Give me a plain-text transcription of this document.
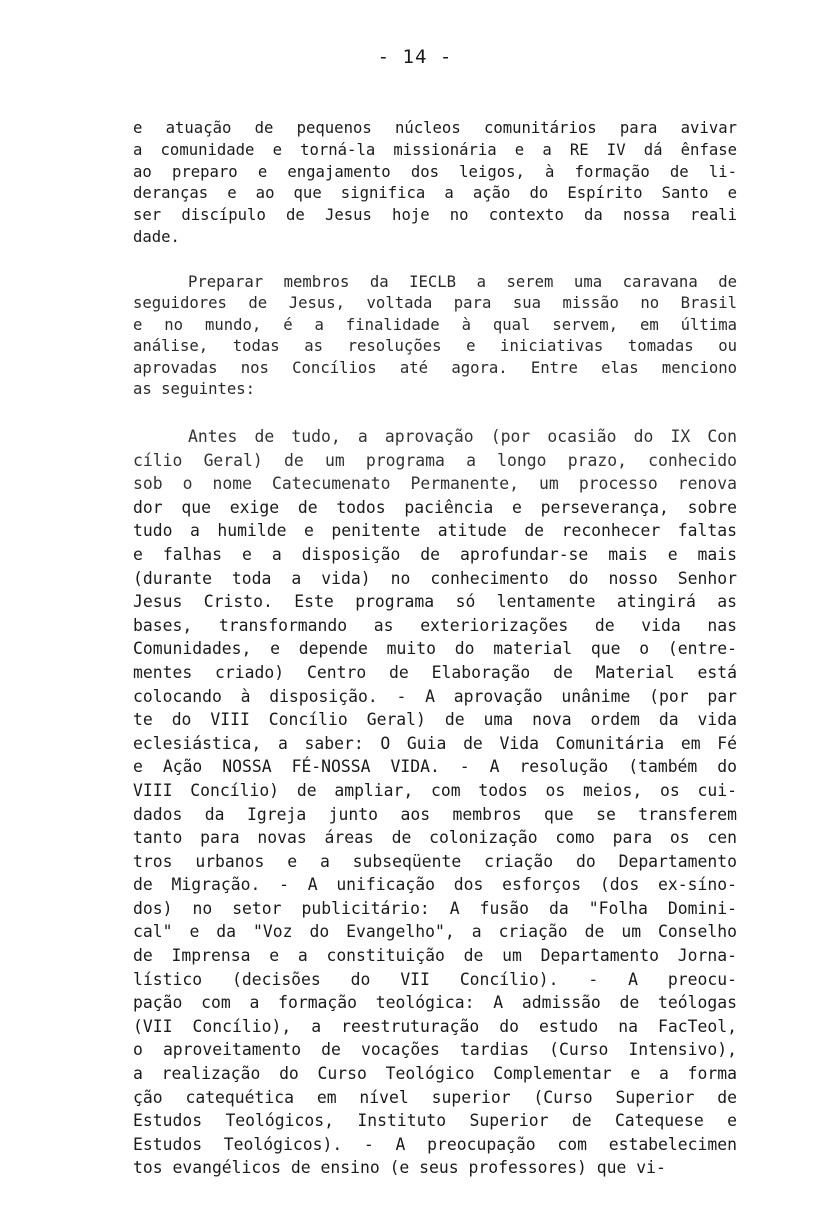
- 14 -
e atuação de pequenos núcleos comunitários para avivar
a comunidade e torná-la missionária e a RE IV dá ênfase
ao preparo e engajamento dos leigos, à formação de li-
deranças e ao que significa a ação do Espírito Santo e
ser discípulo de Jesus hoje no contexto da nossa reali
dade.
Preparar membros da IECLB a serem uma caravana de
seguidores de Jesus, voltada para sua missão no Brasil
e no mundo, é a finalidade à qual servem, em última
análise, todas as resoluções e iniciativas tomadas ou
aprovadas nos Concílios até agora. Entre elas menciono
as seguintes:
Antes de tudo, a aprovação (por ocasião do IX Con
cílio Geral) de um programa a longo prazo, conhecido
sob o nome Catecumenato Permanente, um processo renova
dor que exige de todos paciência e perseverança, sobre
tudo a humilde e penitente atitude de reconhecer faltas
e falhas e a disposição de aprofundar-se mais e mais
(durante toda a vida) no conhecimento do nosso Senhor
Jesus Cristo. Este programa só lentamente atingirá as
bases, transformando as exteriorizações de vida nas
Comunidades, e depende muito do material que o (entre-
mentes criado) Centro de Elaboração de Material está
colocando à disposição. - A aprovação unânime (por par
te do VIII Concílio Geral) de uma nova ordem da vida
eclesiástica, a saber: O Guia de Vida Comunitária em Fé
e Ação NOSSA FÉ-NOSSA VIDA. - A resolução (também do
VIII Concílio) de ampliar, com todos os meios, os cui-
dados da Igreja junto aos membros que se transferem
tanto para novas áreas de colonização como para os cen
tros urbanos e a subseqüente criação do Departamento
de Migração. - A unificação dos esforços (dos ex-síno-
dos) no setor publicitário: A fusão da "Folha Domini-
cal" e da "Voz do Evangelho", a criação de um Conselho
de Imprensa e a constituição de um Departamento Jorna-
lístico (decisões do VII Concílio). - A preocu-
pação com a formação teológica: A admissão de teólogas
(VII Concílio), a reestruturação do estudo na FacTeol,
o aproveitamento de vocações tardias (Curso Intensivo),
a realização do Curso Teológico Complementar e a forma
ção catequética em nível superior (Curso Superior de
Estudos Teológicos, Instituto Superior de Catequese e
Estudos Teológicos). - A preocupação com estabelecimen
tos evangélicos de ensino (e seus professores) que vi-
